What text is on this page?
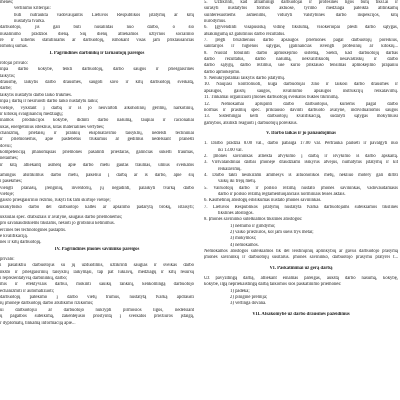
menės;
vertinimo kriterijai:
būti nutraukta vadovaujantis Lietuvos Respublikos įstatymų ar kitų
nustatyta tvarka.
darbuotojo, jis gali būti nušalintas nuo darbo, o šio
nušalinimo pradžios dieną. Šių dienų atliekamos užtyrnos socialinio
re ir kitiems statutiniams ar darbuotojų, išmokant visas jam priklausančias
išmokų sumas.
I. Pagrindinės darbinikų ir tarnautojų pareigos
rotojai privalo:
inpa darbo kokybe, teikti darbuotojų, darbo saugos ir priešgaisrinės
laikytis;
drausmę, laikytis darbo drausmės, saugoti savo ir kitų darbuotojų sveikatą,
darbe;
laikytis nustatyto darbo laiko trukmės.
inpa į darbą ir nesiruošti darbo laiko nustatytu laiku;
vietoje, vykstant į darbą ir iš jo neuvartoti alkoholinių gėrimų, narkotinių,
ir kitokių svaiginančių medžiagų;
inamos produkcijos kokybe, didinti darbo našumą, taupiai ir racionaliai
ūkas, energetinius išteklius, kitas materialines vertybes;
chanizmų, prietaisų ir prankių eksploatavimo taisyklių, nedelsti techniniai
ir priemonėmis, apie pastebėtus trūkumus ar gedimus nedelsiant pranešti
dovui;
kompetenciją įmanomąsias priemones pašalinti prieštaras, galinčias sukelti traumas,
nelaimes;
ir kitą atliekantį asmenį apie darbo metu gautas traumas, ūmius sveikatos
amingus atsitikimus darbo metu, pakeliui į darbą ar iš darbo, apie šių
i pasekmes;
viengti pranašų, įrenginių, inventorių, jų negadinti, palaikyti tvarką darbo
vietoje;
gaisro priešgaisrinio rėžimo, rūkyti tik tam skirtoje vietoje;
ukokybiško darbo dėl darbuotojo kaltės ar apšalimo padarytą brokų, ištaisyti;
ukšiulas spec. drabužiais ir avalyne, saugaus darbo priemonėmis;
pro savanaudiškiems tikslams, nešioti jo grobiniui ketinimus.
ercines bei technologines paslaptis.
ė kvalifikaciją.
nes ir kitų darbuotojų.
IV. Pagrindinės įmonės savininko pareigos
privalo:
i pašaliktiu darbuotojus su jų užduotimis, užtikrinti saugias ir sveikas darbo
nkšto ir priešgaisrinių taisyklių laikymąsi, tap pat lukiavų, medžiagų ir kitų resursų
i reprezentatyvią darbininkų, darbo;
mis ir efektyviais darbui, mokinti sauikų rankinį, kenkomingą darbuotojo
echanizmiti ir automatizuoti;
darbuotojų patekimo į darbo vietų trumus, nustatytą tvarką apdrausti
ių įmonėje darbuotojų darbo atsitikimo rizikomis;
ui darbuotojui ar darbuotojo nukrypti pirmosios ligos, nedelsiant
ų pagalbos suteikimą, žakentėjusio prostyintą į sveikatos priežiūros įstaigą,
r dyplomatų, tinkamą informaciją apie...
5. Užtikrinti, kad atliaminigi darbuotojai ir profesinės ligos būtų tiksl.ai ir
surašyti nustatytos formos aktuose, tyrimo medžiaga pateikta atitinkamų
suinteresuotiems asmenims, viduryti Valstybinės darbo inspekcijos, kitų
nurodymus.
6. Įgyvendinti visapusišką vidinę tikslumą, visokeriopai plėsti darbo sąlygas,
atsakingumą už galutinius darbo rezultatus.
7. Įregti bruzdienius darbo apsaugos priemones pagal darbuotojų poreikius,
sanitarijos ir higienos sąlygas, įgalinančias išvengti profesinių ar kitokių...
8. Nuolat tobulinti darbo apmokėjimo sistemą, Siekti, kad darbuotojų darbas
darbo rezultatus, darbo našumą, nekvalifikuotų nesavaštiškų ir darbo
darbo sąlygų, darbo režimui, use kurio priklauso tensimas apmokėjimo prapaniu
darbo apmokėjimo.
9. Nenukrypstamai laikytis darbo įstatymų.
10. Naujiasi kontroliuoti, kuga darbuotojai žino ir laikosi darbo drausmės ir
apsaugos, gaisrų saugos, išvalinimo apsaugos instrukcijų reikalavimų.
11. Tinkamai organizuoti įmonės darbuotojų sveikatos būkles tikrinimą.
12. Nemokamai aprūpinti darbo darbuotojus, kuriems pagal darbo
normas ir prasmių spec. priklausio davinti darbuoto avalynė, individualiomis saugos
13. Sistemingai kelti darbuotojų kvalifikaciją, sudaryti sąlygas mokymuisi
gamybos, atsilikti reaguoti į darbuotojų poreikius.
V. Darbo laikas ir jo panaudojimas
1. Darbo pradžia 8.00 val., darbo pabaiga 17.00 val. Pertrauka pailsėti ir pavalgyti nuo
iki 13.00 val.
2. Įmonės savininkas atliekta atvykimo į darbą ir išvykimo iš darbo apskaitą.
3. Viršvalandiniai darbai įmonėje draudžiami išskyrus atvejus, numatytus įstatymų ir kit
reikalavimų.
4. Darbo takti nesikirami ammesys iš aituonolikos metų, nekliuo motery gali dirbti
vaikų iki trejų metų.
5. Vairuotojų darbo ir poilsio režimą nustato įmonės savininkas, vadovaudamasis
darbo ir poilsio režimą reglamentuojančiais norminiais teisės aktais.
6. Kasmetinių atostogų eilišikumas nustato įmonės savininkas.
7. Lietuvos Respublikos įstatymų nustatyta tvarka darbuotojams suteikiamos tikslinės
tikslinės atostogos.
8. Įmonės savininko sutelkiamos tikslinės atostogos:
1) nėštumo ir gimdymo;
2) vaiko priežiūros, kol jam sueis trys metai;
3) mokymosi;
4) nemokamos.
Nemokamos atostogos suteikiamos tik dėl leistinųinių aplinkybių ar gavus darbuotojo prašymą
įmonės savininkų ir darbuotojų susitarus. įmonės savininko, darbuotojo prašymu pratyrei t...
VI. Paskatinimai už gerą darbą
Už pavyzdingą darbą, atliekant einamas pareigas, aukštą darbo našumą, kokybę,
kokybe, ilgą nepriekaištingą darbą taikomos šios paskatinimo priemonės:
1) padėka;
2) piniginė premija;
3) vertinga dovana.
VII. Atsakomybė už darbo drausmės pažeidimus
